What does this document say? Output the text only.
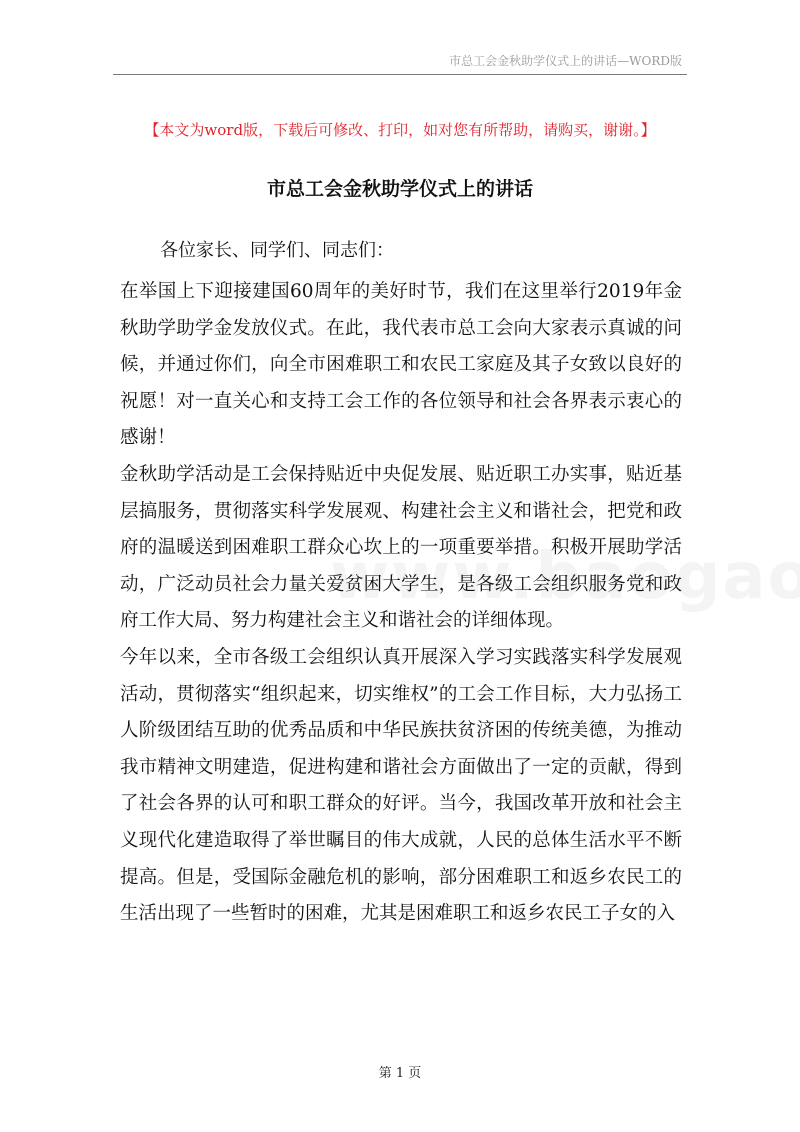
市总工会金秋助学仪式上的讲话—WORD版
【本文为word版，下载后可修改、打印，如对您有所帮助，请购买，谢谢。】
市总工会金秋助学仪式上的讲话
各位家长、同学们、同志们：

在举国上下迎接建国60周年的美好时节，我们在这里举行2019年金秋助学助学金发放仪式。在此，我代表市总工会向大家表示真诚的问候，并通过你们，向全市困难职工和农民工家庭及其子女致以良好的祝愿！对一直关心和支持工会工作的各位领导和社会各界表示衷心的感谢！

金秋助学活动是工会保持贴近中央促发展、贴近职工办实事，贴近基层搞服务，贯彻落实科学发展观、构建社会主义和谐社会，把党和政府的温暖送到困难职工群众心坎上的一项重要举措。积极开展助学活动，广泛动员社会力量关爱贫困大学生，是各级工会组织服务党和政府工作大局、努力构建社会主义和谐社会的详细体现。

今年以来，全市各级工会组织认真开展深入学习实践落实科学发展观活动，贯彻落实“组织起来，切实维权”的工会工作目标，大力弘扬工人阶级团结互助的优秀品质和中华民族扶贫济困的传统美德，为推动我市精神文明建造，促进构建和谐社会方面做出了一定的贡献，得到了社会各界的认可和职工群众的好评。当今，我国改革开放和社会主义现代化建造取得了举世瞩目的伟大成就，人民的总体生活水平不断提高。但是，受国际金融危机的影响，部分困难职工和返乡农民工的生活出现了一些暂时的困难，尤其是困难职工和返乡农民工子女的入

第 1 页
